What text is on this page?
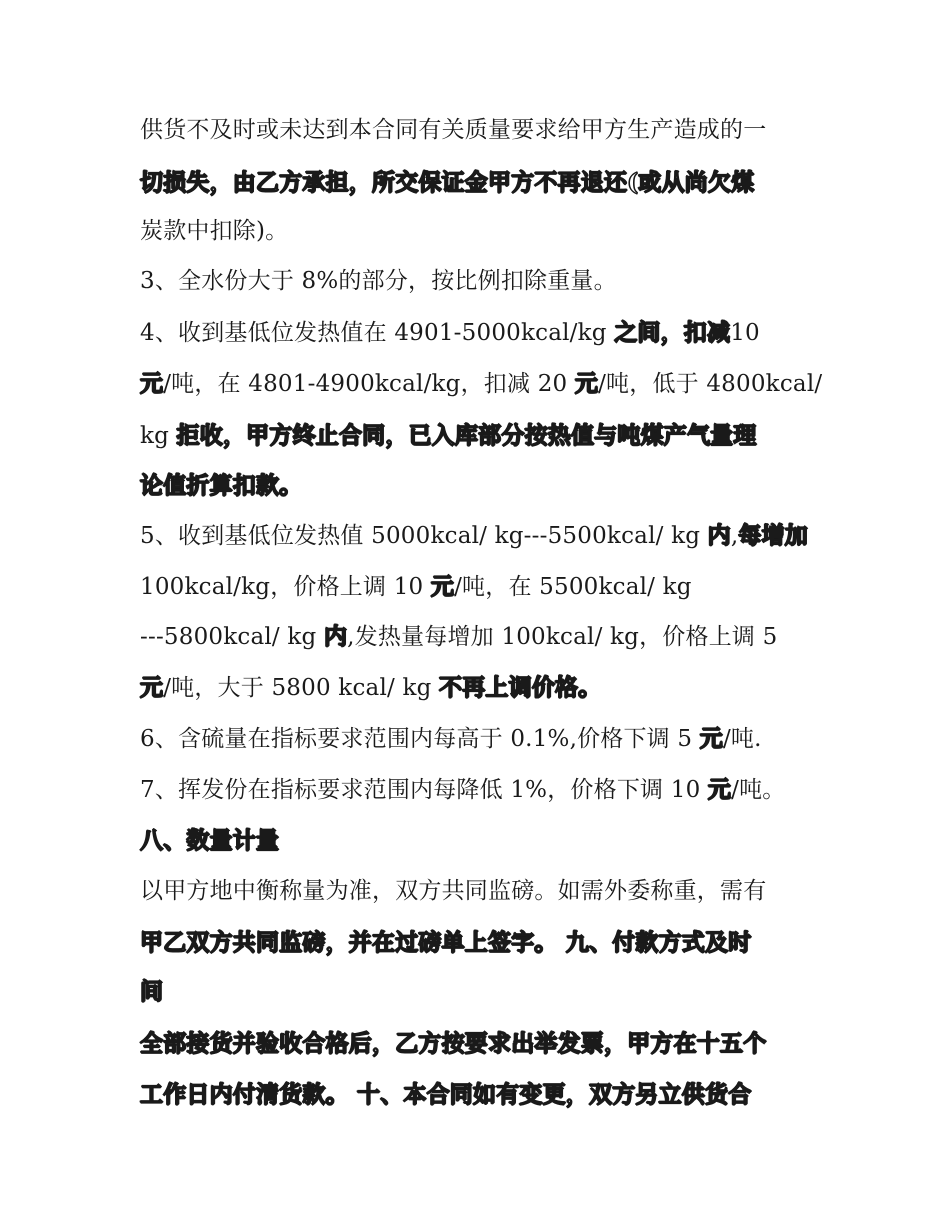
供货不及时或未达到本合同有关质量要求给甲方生产造成的一
切损失，由乙方承担，所交保证金甲方不再退还(或从尚欠煤
炭款中扣除)。
3、全水份大于 8%的部分，按比例扣除重量。
4、收到基低位发热值在 4901-5000kcal/kg 之间，扣减10
元/吨，在 4801-4900kcal/kg，扣减 20 元/吨，低于 4800kcal/
kg 拒收，甲方终止合同，已入库部分按热值与吨煤产气量理
论值折算扣款。
5、收到基低位发热值 5000kcal/ kg---5500kcal/ kg 内,每增加
100kcal/kg，价格上调 10 元/吨，在 5500kcal/ kg
---5800kcal/ kg 内,发热量每增加 100kcal/ kg，价格上调 5
元/吨，大于 5800 kcal/ kg 不再上调价格。
6、含硫量在指标要求范围内每高于 0.1%,价格下调 5 元/吨.
7、挥发份在指标要求范围内每降低 1%，价格下调 10 元/吨。
八、数量计量
以甲方地中衡称量为准，双方共同监磅。如需外委称重，需有
甲乙双方共同监磅，并在过磅单上签字。 九、付款方式及时
间
全部接货并验收合格后，乙方按要求出举发票，甲方在十五个
工作日内付清货款。 十、本合同如有变更，双方另立供货合
